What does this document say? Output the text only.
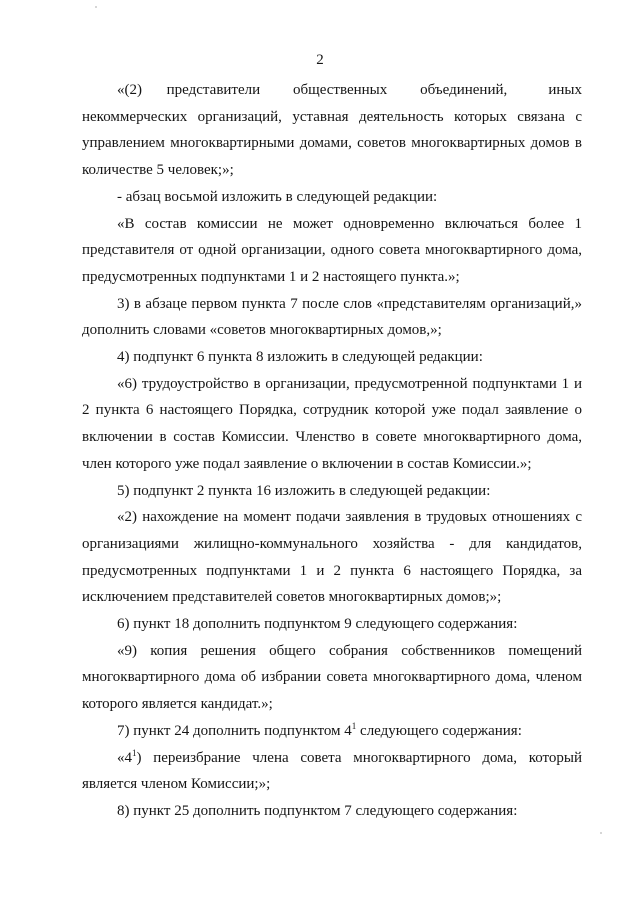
2

«(2)   представители    общественных    объединений,     иных некоммерческих организаций, уставная деятельность которых связана с управлением многоквартирными домами, советов многоквартирных домов в количестве 5 человек;»;

- абзац восьмой изложить в следующей редакции:

«В состав комиссии не может одновременно включаться более 1 представителя от одной организации, одного совета многоквартирного дома, предусмотренных подпунктами 1 и 2 настоящего пункта.»;

3) в абзаце первом пункта 7 после слов «представителям организаций,» дополнить словами «советов многоквартирных домов,»;

4) подпункт 6 пункта 8 изложить в следующей редакции:

«6) трудоустройство в организации, предусмотренной подпунктами 1 и 2 пункта 6 настоящего Порядка, сотрудник которой уже подал заявление о включении в состав Комиссии. Членство в совете многоквартирного дома, член которого уже подал заявление о включении в состав Комиссии.»;

5) подпункт 2 пункта 16 изложить в следующей редакции:

«2) нахождение на момент подачи заявления в трудовых отношениях с организациями жилищно-коммунального хозяйства - для кандидатов, предусмотренных подпунктами 1 и 2 пункта 6 настоящего Порядка, за исключением представителей советов многоквартирных домов;»;

6) пункт 18 дополнить подпунктом 9 следующего содержания:

«9) копия решения общего собрания собственников помещений многоквартирного дома об избрании совета многоквартирного дома, членом которого является кандидат.»;

7) пункт 24 дополнить подпунктом $4^1$ следующего содержания:

«$4^1$) переизбрание члена совета многоквартирного дома, который является членом Комиссии;»;

8) пункт 25 дополнить подпунктом 7 следующего содержания:
